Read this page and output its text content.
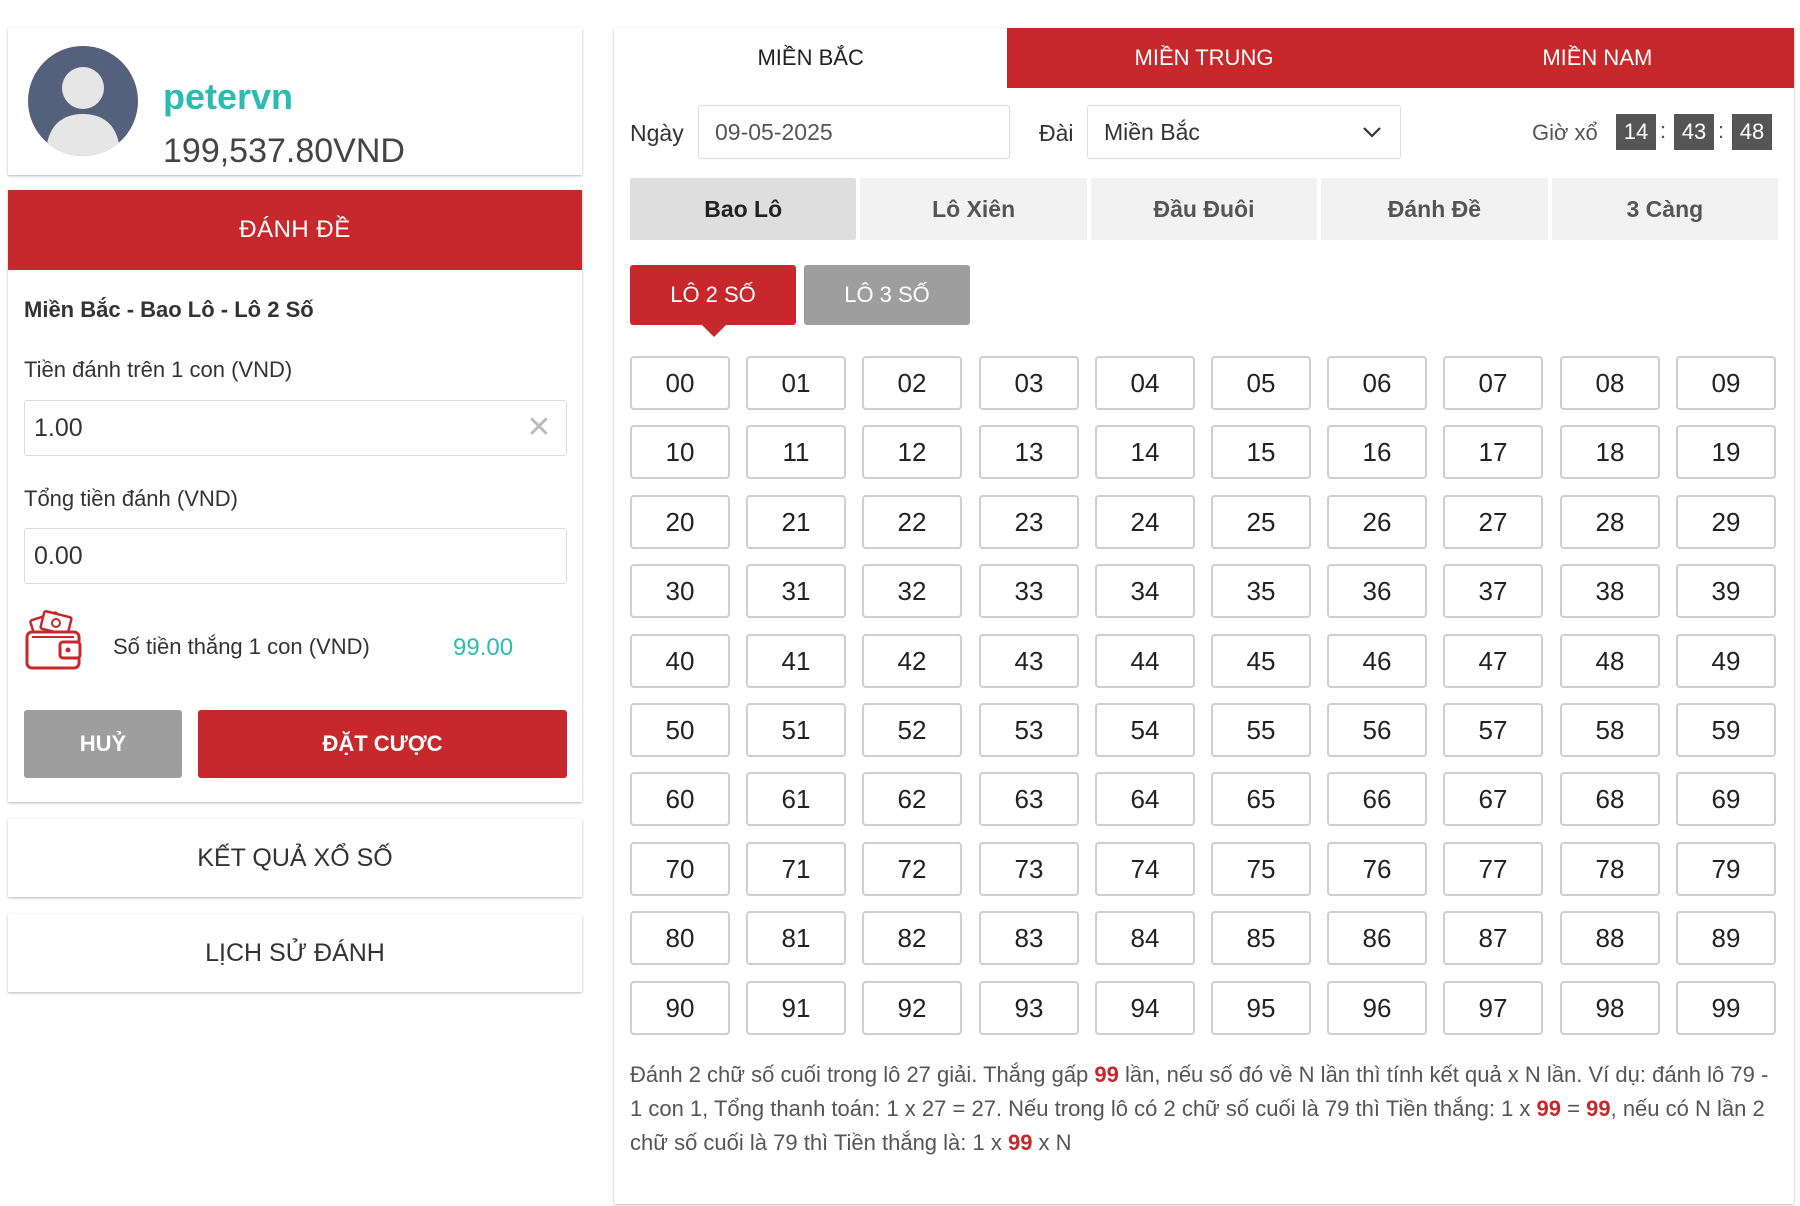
petervn
199,537.80VND
ĐÁNH ĐỀ
Miền Bắc - Bao Lô - Lô 2 Số
Tiền đánh trên 1 con (VND)
1.00	✕
Tổng tiền đánh (VND)
0.00
Số tiền thắng 1 con (VND)	99.00
HUỶ	ĐẶT CƯỢC
KẾT QUẢ XỔ SỐ
LỊCH SỬ ĐÁNH
MIỀN BẮC	MIỀN TRUNG	MIỀN NAM
Ngày 09-05-2025	Đài Miền Bắc	Giờ xổ	14 : 43 : 48
Bao Lô	Lô Xiên	Đầu Đuôi	Đánh Đề	3 Càng
LÔ 2 SỐ	LÔ 3 SỐ
00	01	02	03	04	05	06	07	08	09
10	11	12	13	14	15	16	17	18	19
20	21	22	23	24	25	26	27	28	29
30	31	32	33	34	35	36	37	38	39
40	41	42	43	44	45	46	47	48	49
50	51	52	53	54	55	56	57	58	59
60	61	62	63	64	65	66	67	68	69
70	71	72	73	74	75	76	77	78	79
80	81	82	83	84	85	86	87	88	89
90	91	92	93	94	95	96	97	98	99
Đánh 2 chữ số cuối trong lô 27 giải. Thắng gấp 99 lần, nếu số đó về N lần thì tính kết quả x N lần. Ví dụ: đánh lô 79 - 1 con 1, Tổng thanh toán: 1 x 27 = 27. Nếu trong lô có 2 chữ số cuối là 79 thì Tiền thắng: 1 x 99 = 99, nếu có N lần 2 chữ số cuối là 79 thì Tiền thắng là: 1 x 99 x N
